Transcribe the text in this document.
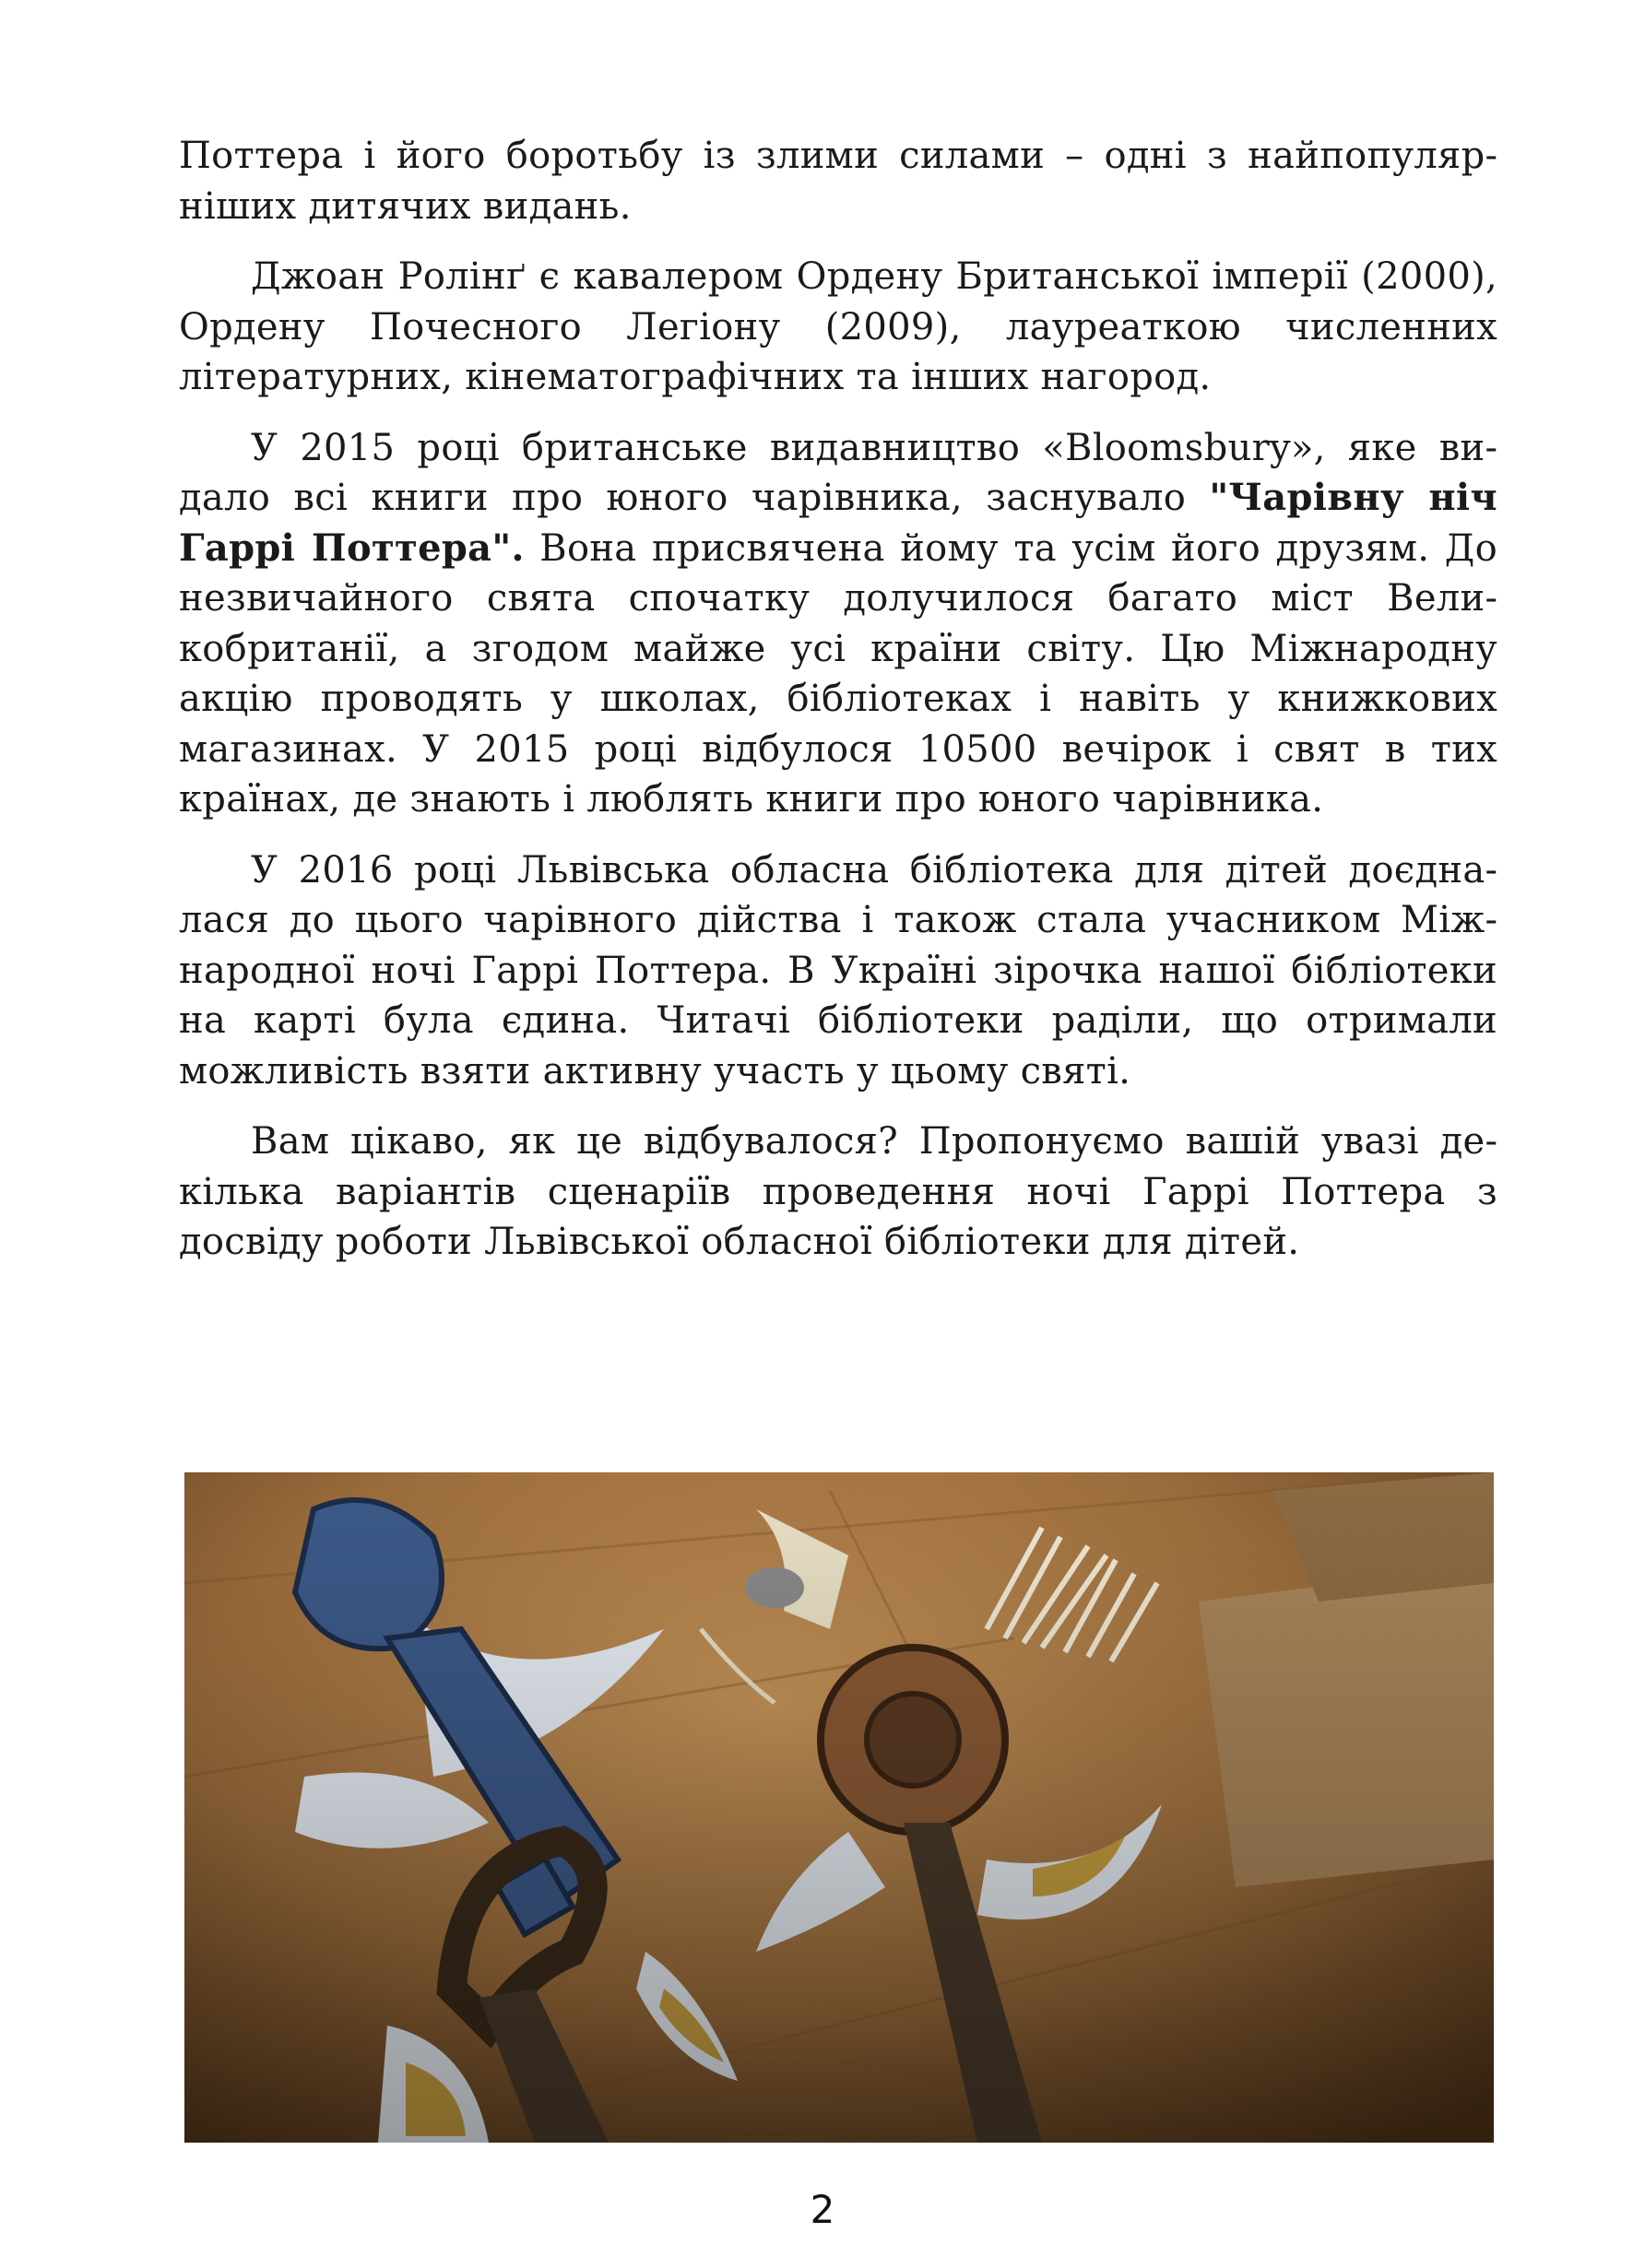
Поттера і його боротьбу із злими силами – одні з найпопулярніших дитячих видань.

Джоан Ролінґ є кавалером Ордену Британської імперії (2000), Ордену Почесного Легіону (2009), лауреаткою численних літературних, кінематографічних та інших нагород.

У 2015 році британське видавництво «Bloomsbury», яке видало всі книги про юного чарівника, заснувало "Чарівну ніч Гаррі Поттера". Вона присвячена йому та усім його друзям. До незвичайного свята спочатку долучилося багато міст Великобританії, а згодом майже усі країни світу. Цю Міжнародну акцію проводять у школах, бібліотеках і навіть у книжкових магазинах. У 2015 році відбулося 10500 вечірок і свят в тих країнах, де знають і люблять книги про юного чарівника.

У 2016 році Львівська обласна бібліотека для дітей доєдналася до цього чарівного дійства і також стала учасником Міжнародної ночі Гаррі Поттера. В Україні зірочка нашої бібліотеки на карті була єдина. Читачі бібліотеки раділи, що отримали можливість взяти активну участь у цьому святі.

Вам цікаво, як це відбувалося? Пропонуємо вашій увазі декілька варіантів сценаріїв проведення ночі Гаррі Поттера з досвіду роботи Львівської обласної бібліотеки для дітей.

2
